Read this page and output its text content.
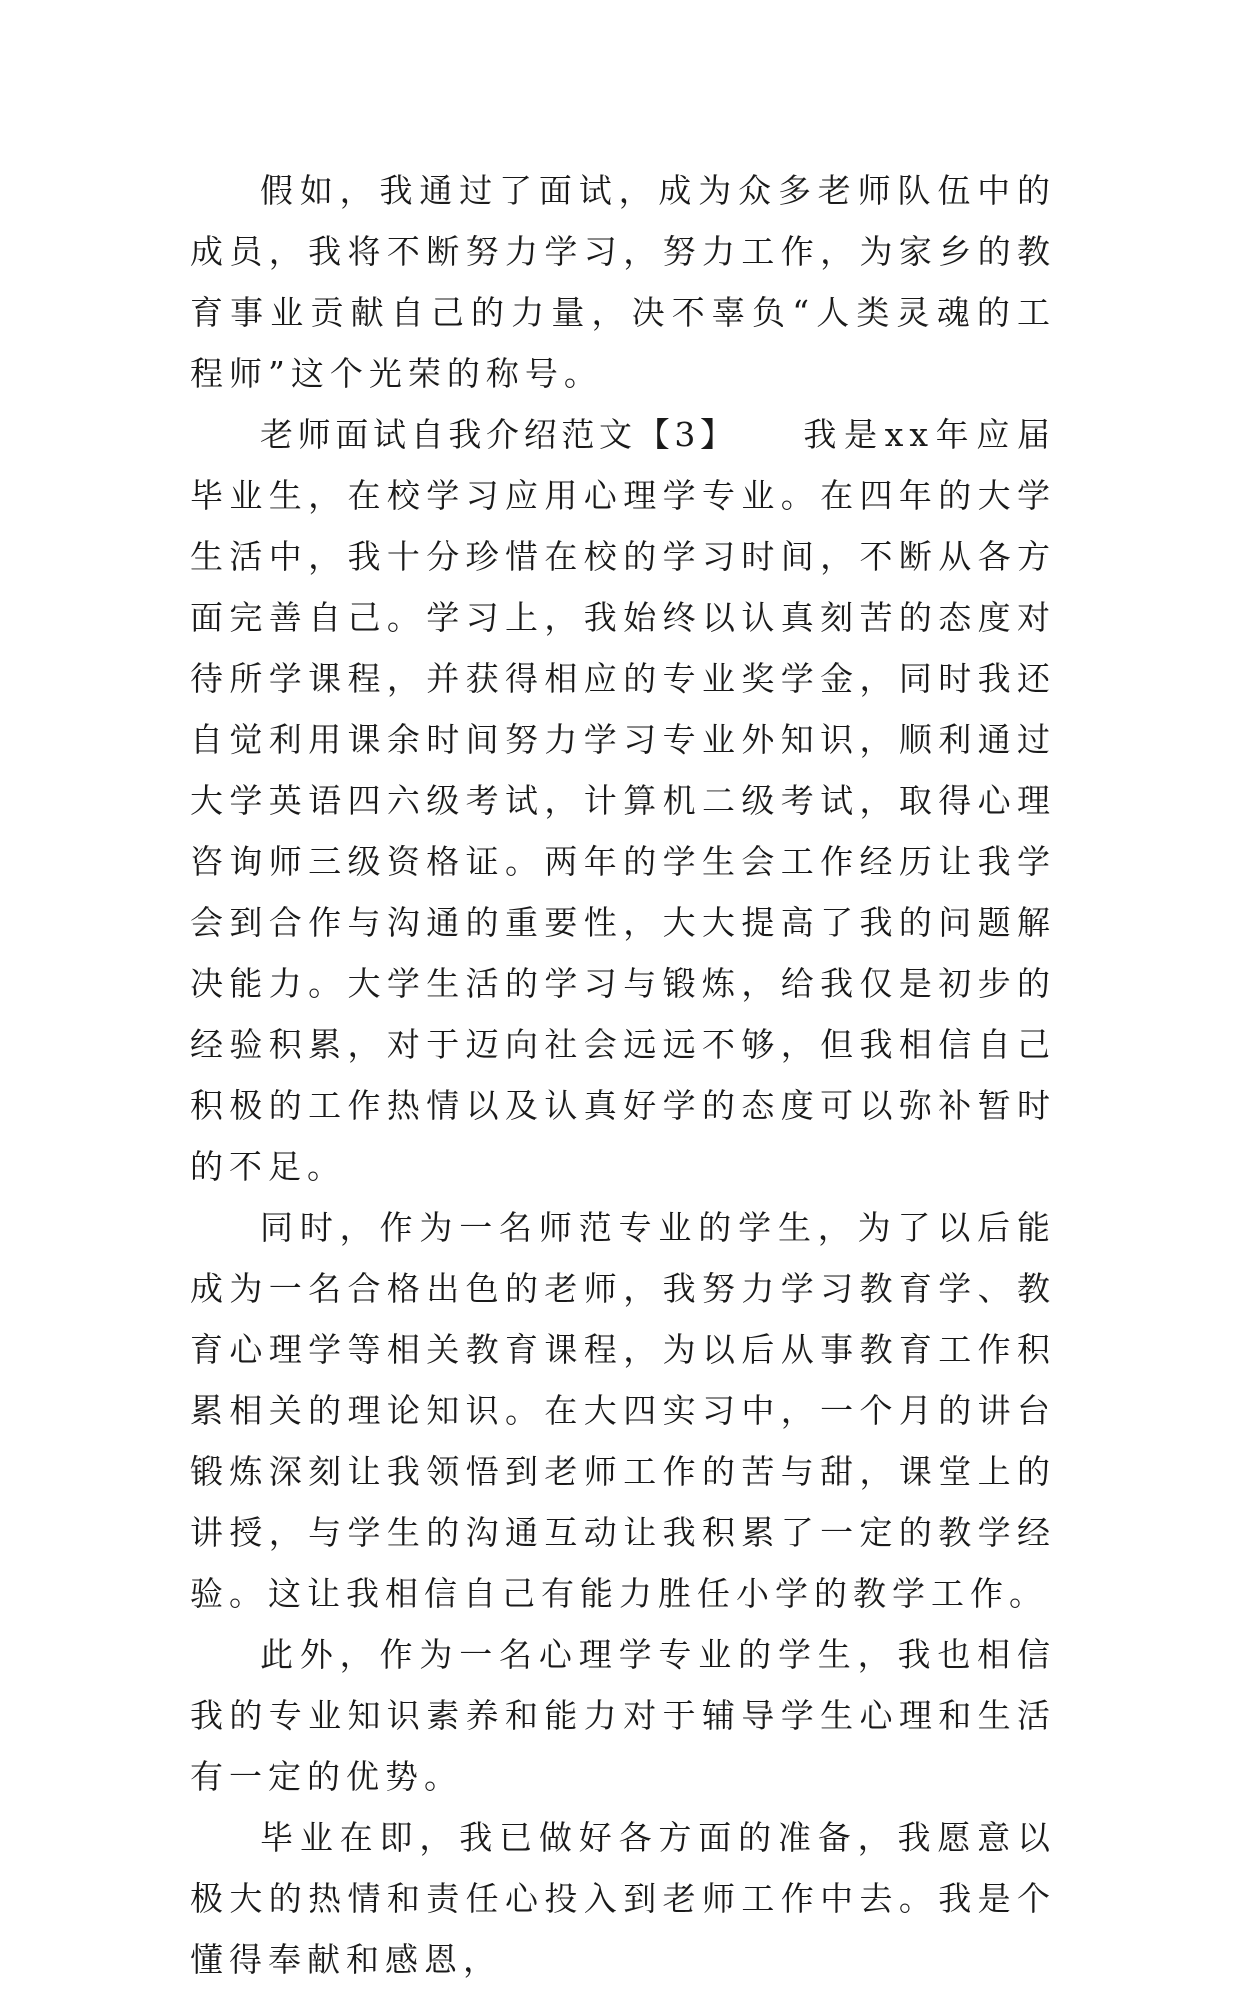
假如，我通过了面试，成为众多老师队伍中的成员，我将不断努力学习，努力工作，为家乡的教育事业贡献自己的力量，决不辜负“人类灵魂的工程师”这个光荣的称号。

老师面试自我介绍范文【3】 我是xx年应届毕业生，在校学习应用心理学专业。在四年的大学生活中，我十分珍惜在校的学习时间，不断从各方面完善自己。学习上，我始终以认真刻苦的态度对待所学课程，并获得相应的专业奖学金，同时我还自觉利用课余时间努力学习专业外知识，顺利通过大学英语四六级考试，计算机二级考试，取得心理咨询师三级资格证。两年的学生会工作经历让我学会到合作与沟通的重要性，大大提高了我的问题解决能力。大学生活的学习与锻炼，给我仅是初步的经验积累，对于迈向社会远远不够，但我相信自己积极的工作热情以及认真好学的态度可以弥补暂时的不足。

同时，作为一名师范专业的学生，为了以后能成为一名合格出色的老师，我努力学习教育学、教育心理学等相关教育课程，为以后从事教育工作积累相关的理论知识。在大四实习中，一个月的讲台锻炼深刻让我领悟到老师工作的苦与甜，课堂上的讲授，与学生的沟通互动让我积累了一定的教学经验。这让我相信自己有能力胜任小学的教学工作。

此外，作为一名心理学专业的学生，我也相信我的专业知识素养和能力对于辅导学生心理和生活有一定的优势。

毕业在即，我已做好各方面的准备，我愿意以极大的热情和责任心投入到老师工作中去。我是个懂得奉献和感恩，
